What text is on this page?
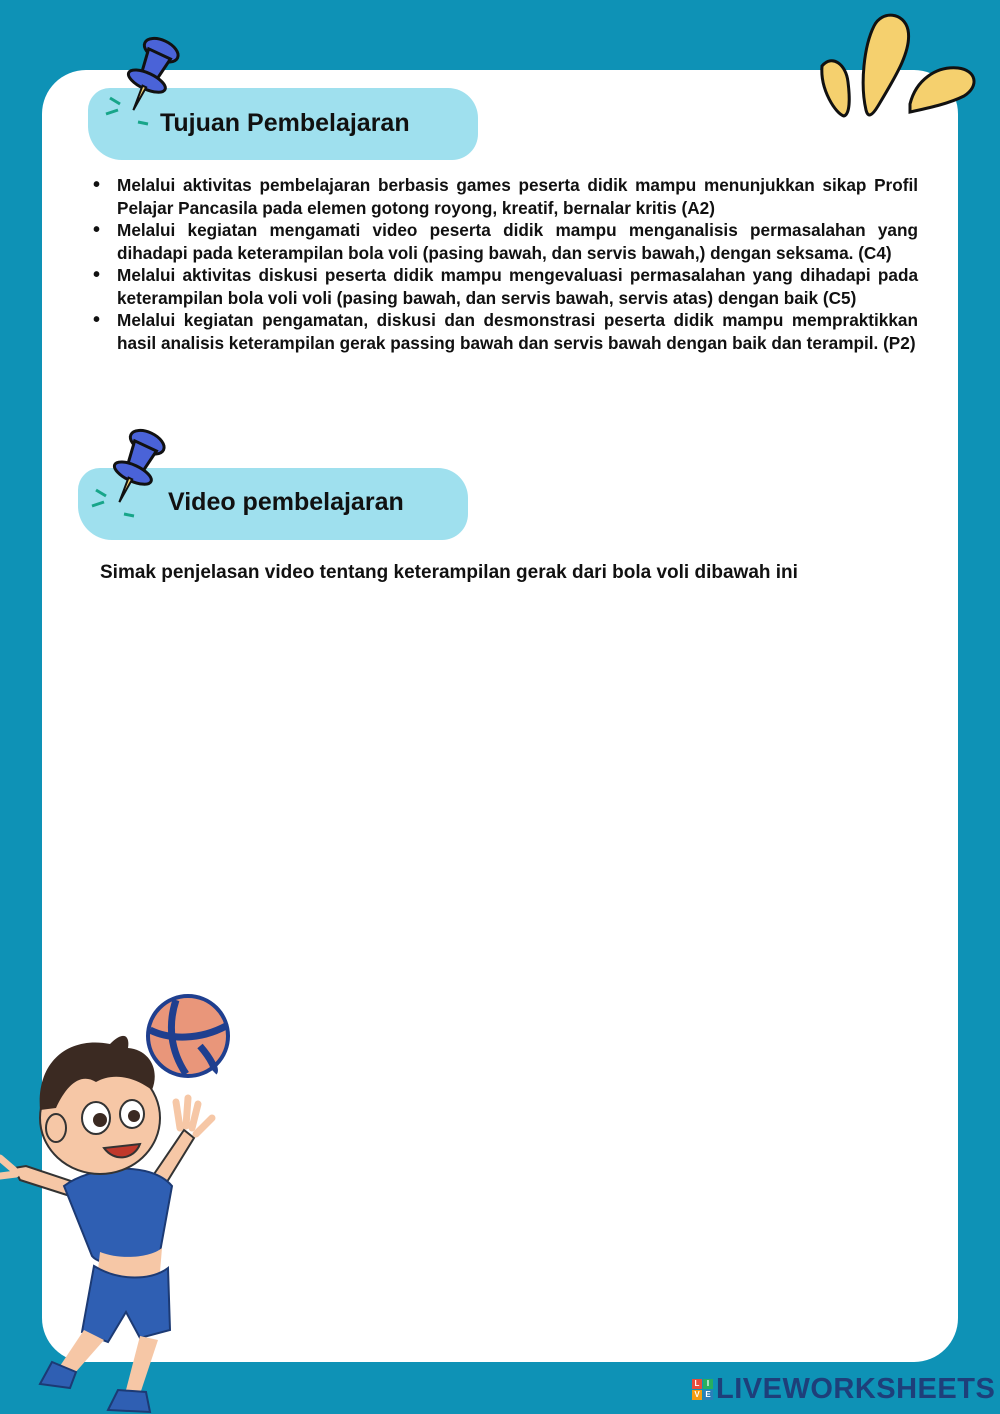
Tujuan Pembelajaran
• Melalui aktivitas pembelajaran berbasis games peserta didik mampu menunjukkan sikap Profil Pelajar Pancasila pada elemen gotong royong, kreatif, bernalar kritis (A2)
• Melalui kegiatan mengamati video peserta didik mampu menganalisis permasalahan yang dihadapi pada keterampilan bola voli (pasing bawah, dan servis bawah,) dengan seksama. (C4)
• Melalui aktivitas diskusi peserta didik mampu mengevaluasi permasalahan yang dihadapi pada keterampilan bola voli voli (pasing bawah, dan servis bawah, servis atas) dengan baik (C5)
• Melalui kegiatan pengamatan, diskusi dan desmonstrasi peserta didik mampu mempraktikkan hasil analisis keterampilan gerak passing bawah dan servis bawah dengan baik dan terampil. (P2)
Video pembelajaran
Simak penjelasan video tentang keterampilan gerak dari bola voli dibawah ini
L I
V E LIVEWORKSHEETS
